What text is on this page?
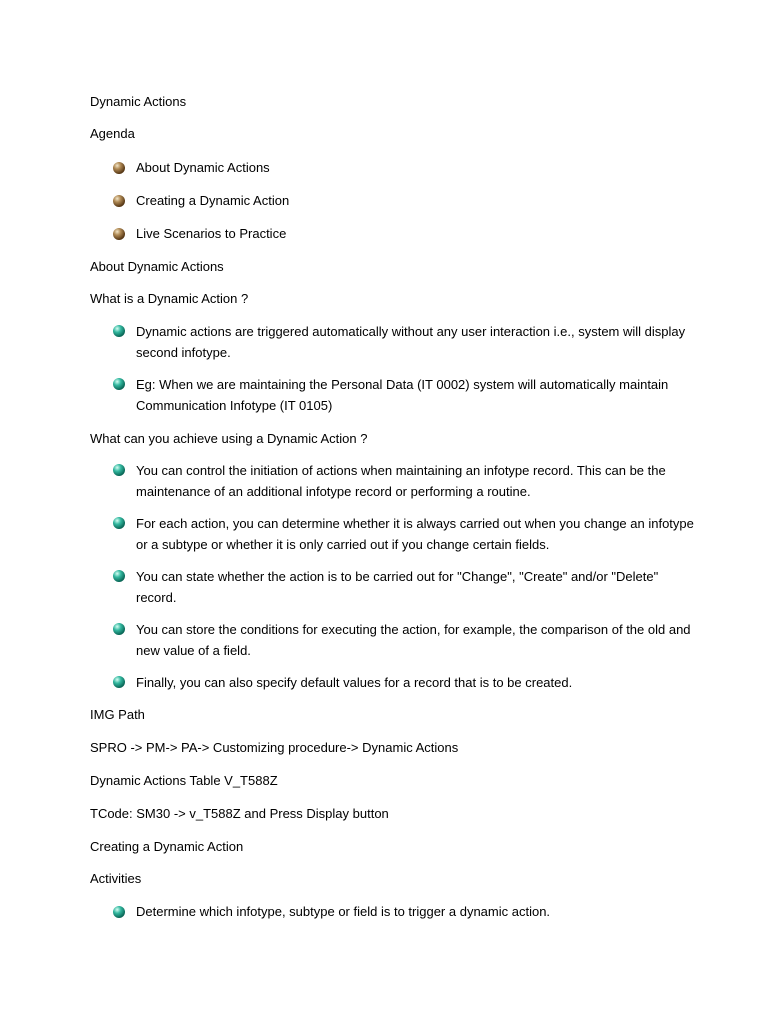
Dynamic Actions
Agenda
About Dynamic Actions
Creating a Dynamic Action
Live Scenarios to Practice
About Dynamic Actions
What is a Dynamic Action ?
Dynamic actions are triggered automatically without any user interaction i.e., system will display second infotype.
Eg: When we are maintaining the Personal Data (IT 0002) system will automatically maintain Communication Infotype (IT 0105)
What can you achieve using a Dynamic Action ?
You can control the initiation of actions when maintaining an infotype record. This can be the maintenance of an additional infotype record or performing a routine.
For each action, you can determine whether it is always carried out when you change an infotype or a subtype or whether it is only carried out if you change certain fields.
You can state whether the action is to be carried out for "Change", "Create" and/or "Delete" record.
You can store the conditions for executing the action, for example, the comparison of the old and new value of a field.
Finally, you can also specify default values for a record that is to be created.
IMG Path
SPRO -> PM-> PA-> Customizing procedure-> Dynamic Actions
Dynamic Actions Table V_T588Z
TCode: SM30 -> v_T588Z and Press Display button
Creating a Dynamic Action
Activities
Determine which infotype, subtype or field is to trigger a dynamic action.
